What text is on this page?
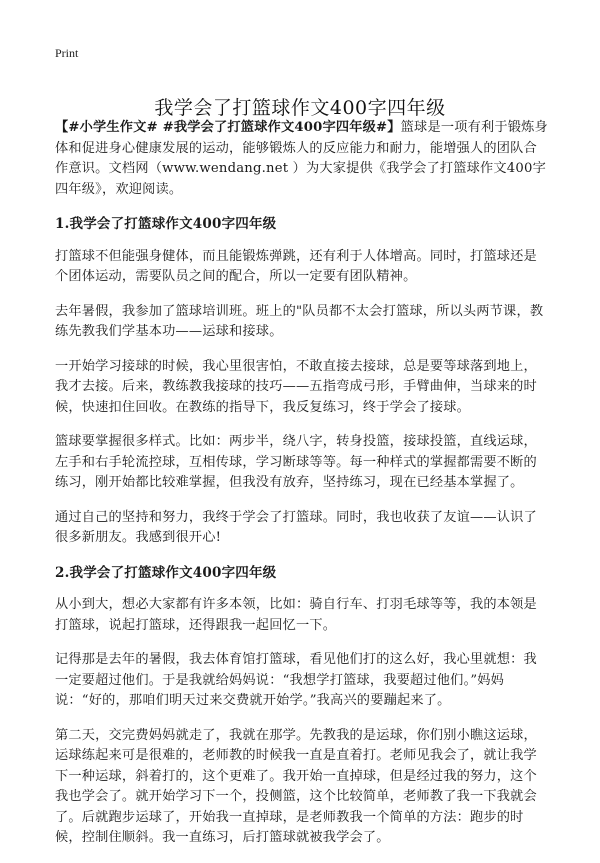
Print
我学会了打篮球作文400字四年级

【#小学生作文# #我学会了打篮球作文400字四年级#】篮球是一项有利于锻炼身体和促进身心健康发展的运动，能够锻炼人的反应能力和耐力，能增强人的团队合作意识。文档网（www.wendang.net ）为大家提供《我学会了打篮球作文400字四年级》，欢迎阅读。

1.我学会了打篮球作文400字四年级

打篮球不但能强身健体，而且能锻炼弹跳，还有利于人体增高。同时，打篮球还是个团体运动，需要队员之间的配合，所以一定要有团队精神。

去年暑假，我参加了篮球培训班。班上的"队员都不太会打篮球，所以头两节课，教练先教我们学基本功——运球和接球。

一开始学习接球的时候，我心里很害怕，不敢直接去接球，总是要等球落到地上，我才去接。后来，教练教我接球的技巧——五指弯成弓形，手臂曲伸，当球来的时候，快速扣住回收。在教练的指导下，我反复练习，终于学会了接球。

篮球要掌握很多样式。比如：两步半，绕八字，转身投篮，接球投篮，直线运球，左手和右手轮流控球，互相传球，学习断球等等。每一种样式的掌握都需要不断的练习，刚开始都比较难掌握，但我没有放弃，坚持练习，现在已经基本掌握了。

通过自己的坚持和努力，我终于学会了打篮球。同时，我也收获了友谊——认识了很多新朋友。我感到很开心!

2.我学会了打篮球作文400字四年级

从小到大，想必大家都有许多本领，比如：骑自行车、打羽毛球等等，我的本领是打篮球，说起打篮球，还得跟我一起回忆一下。

记得那是去年的暑假，我去体育馆打篮球，看见他们打的这么好，我心里就想：我一定要超过他们。于是我就给妈妈说：“我想学打篮球，我要超过他们。”妈妈说：“好的，那咱们明天过来交费就开始学。”我高兴的要蹦起来了。

第二天，交完费妈妈就走了，我就在那学。先教我的是运球，你们别小瞧这运球，运球练起来可是很难的，老师教的时候我一直是直着打。老师见我会了，就让我学下一种运球，斜着打的，这个更难了。我开始一直掉球，但是经过我的努力，这个我也学会了。就开始学习下一个，投侧篮，这个比较简单，老师教了我一下我就会了。后就跑步运球了，开始我一直掉球，是老师教我一个简单的方法：跑步的时候，控制住顺斜。我一直练习，后打篮球就被我学会了。
